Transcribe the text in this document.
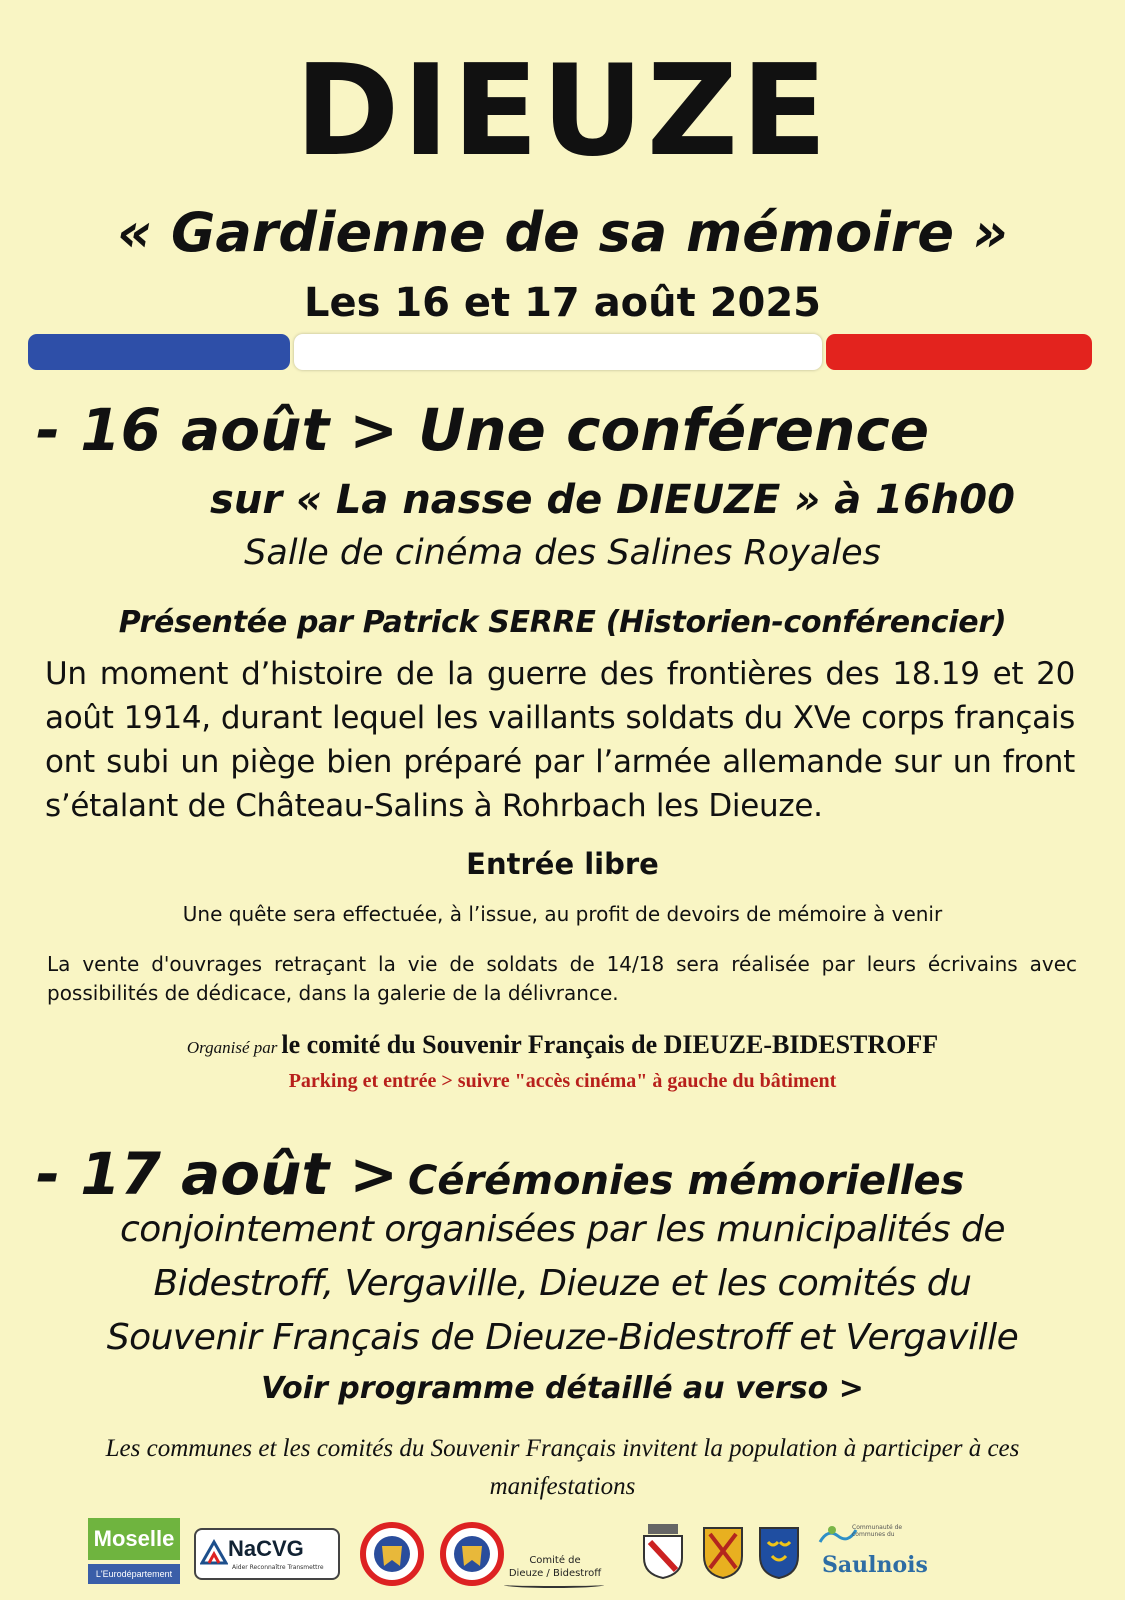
DIEUZE
« Gardienne de sa mémoire »
Les 16 et 17 août 2025
- 16 août > Une conférence
sur « La nasse de DIEUZE » à 16h00
Salle de cinéma des Salines Royales
Présentée par Patrick SERRE (Historien-conférencier)
Un moment d’histoire de la guerre des frontières des 18.19 et 20 août 1914, durant lequel les vaillants soldats du XVe corps français ont subi un piège bien préparé par l’armée allemande sur un front s’étalant de Château-Salins à Rohrbach les Dieuze.
Entrée libre
Une quête sera effectuée, à l’issue, au profit de devoirs de mémoire à venir
La vente d'ouvrages retraçant la vie de soldats de 14/18 sera réalisée par leurs écrivains avec possibilités de dédicace, dans la galerie de la délivrance.
Organisé par le comité du Souvenir Français de DIEUZE-BIDESTROFF
Parking et entrée > suivre "accès cinéma" à gauche du bâtiment
- 17 août > Cérémonies mémorielles
conjointement organisées par les municipalités de
Bidestroff, Vergaville, Dieuze et les comités du
Souvenir Français de Dieuze-Bidestroff et Vergaville
Voir programme détaillé au verso >
Les communes et les comités du Souvenir Français invitent la population à participer à ces manifestations
Moselle
L'Eurodépartement
NaCVG
Aider Reconnaître Transmettre
Comité de
Dieuze / Bidestroff
Communauté de communes du
Saulnois
